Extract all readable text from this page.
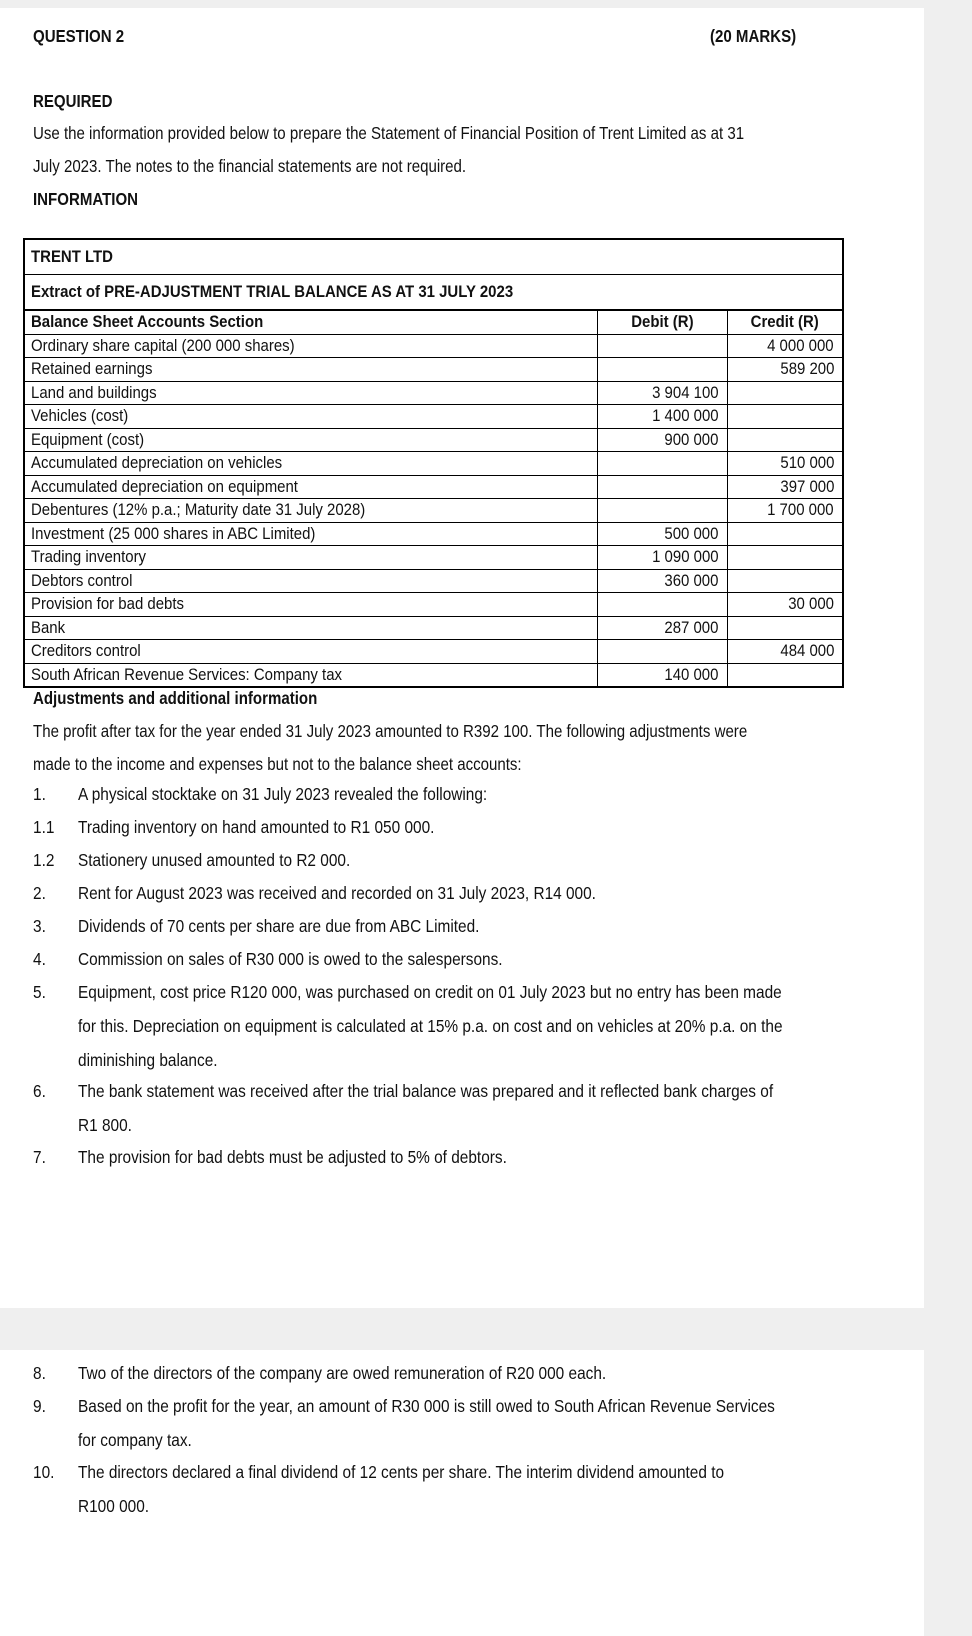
QUESTION 2	(20 MARKS)
REQUIRED
Use the information provided below to prepare the Statement of Financial Position of Trent Limited as at 31
July 2023. The notes to the financial statements are not required.
INFORMATION
TRENT LTD		
Extract of PRE-ADJUSTMENT TRIAL BALANCE AS AT 31 JULY 2023		
Balance Sheet Accounts Section	Debit (R)	Credit (R)
Ordinary share capital (200 000 shares)		4 000 000
Retained earnings		589 200
Land and buildings	3 904 100	
Vehicles (cost)	1 400 000	
Equipment (cost)	900 000	
Accumulated depreciation on vehicles		510 000
Accumulated depreciation on equipment		397 000
Debentures (12% p.a.; Maturity date 31 July 2028)		1 700 000
Investment (25 000 shares in ABC Limited)	500 000	
Trading inventory	1 090 000	
Debtors control	360 000	
Provision for bad debts		30 000
Bank	287 000	
Creditors control		484 000
South African Revenue Services: Company tax	140 000	
Adjustments and additional information
The profit after tax for the year ended 31 July 2023 amounted to R392 100. The following adjustments were
made to the income and expenses but not to the balance sheet accounts:
1. A physical stocktake on 31 July 2023 revealed the following:
1.1 Trading inventory on hand amounted to R1 050 000.
1.2 Stationery unused amounted to R2 000.
2. Rent for August 2023 was received and recorded on 31 July 2023, R14 000.
3. Dividends of 70 cents per share are due from ABC Limited.
4. Commission on sales of R30 000 is owed to the salespersons.
5. Equipment, cost price R120 000, was purchased on credit on 01 July 2023 but no entry has been made
for this. Depreciation on equipment is calculated at 15% p.a. on cost and on vehicles at 20% p.a. on the
diminishing balance.
6. The bank statement was received after the trial balance was prepared and it reflected bank charges of
R1 800.
7. The provision for bad debts must be adjusted to 5% of debtors.
8. Two of the directors of the company are owed remuneration of R20 000 each.
9. Based on the profit for the year, an amount of R30 000 is still owed to South African Revenue Services
for company tax.
10. The directors declared a final dividend of 12 cents per share. The interim dividend amounted to
R100 000.
